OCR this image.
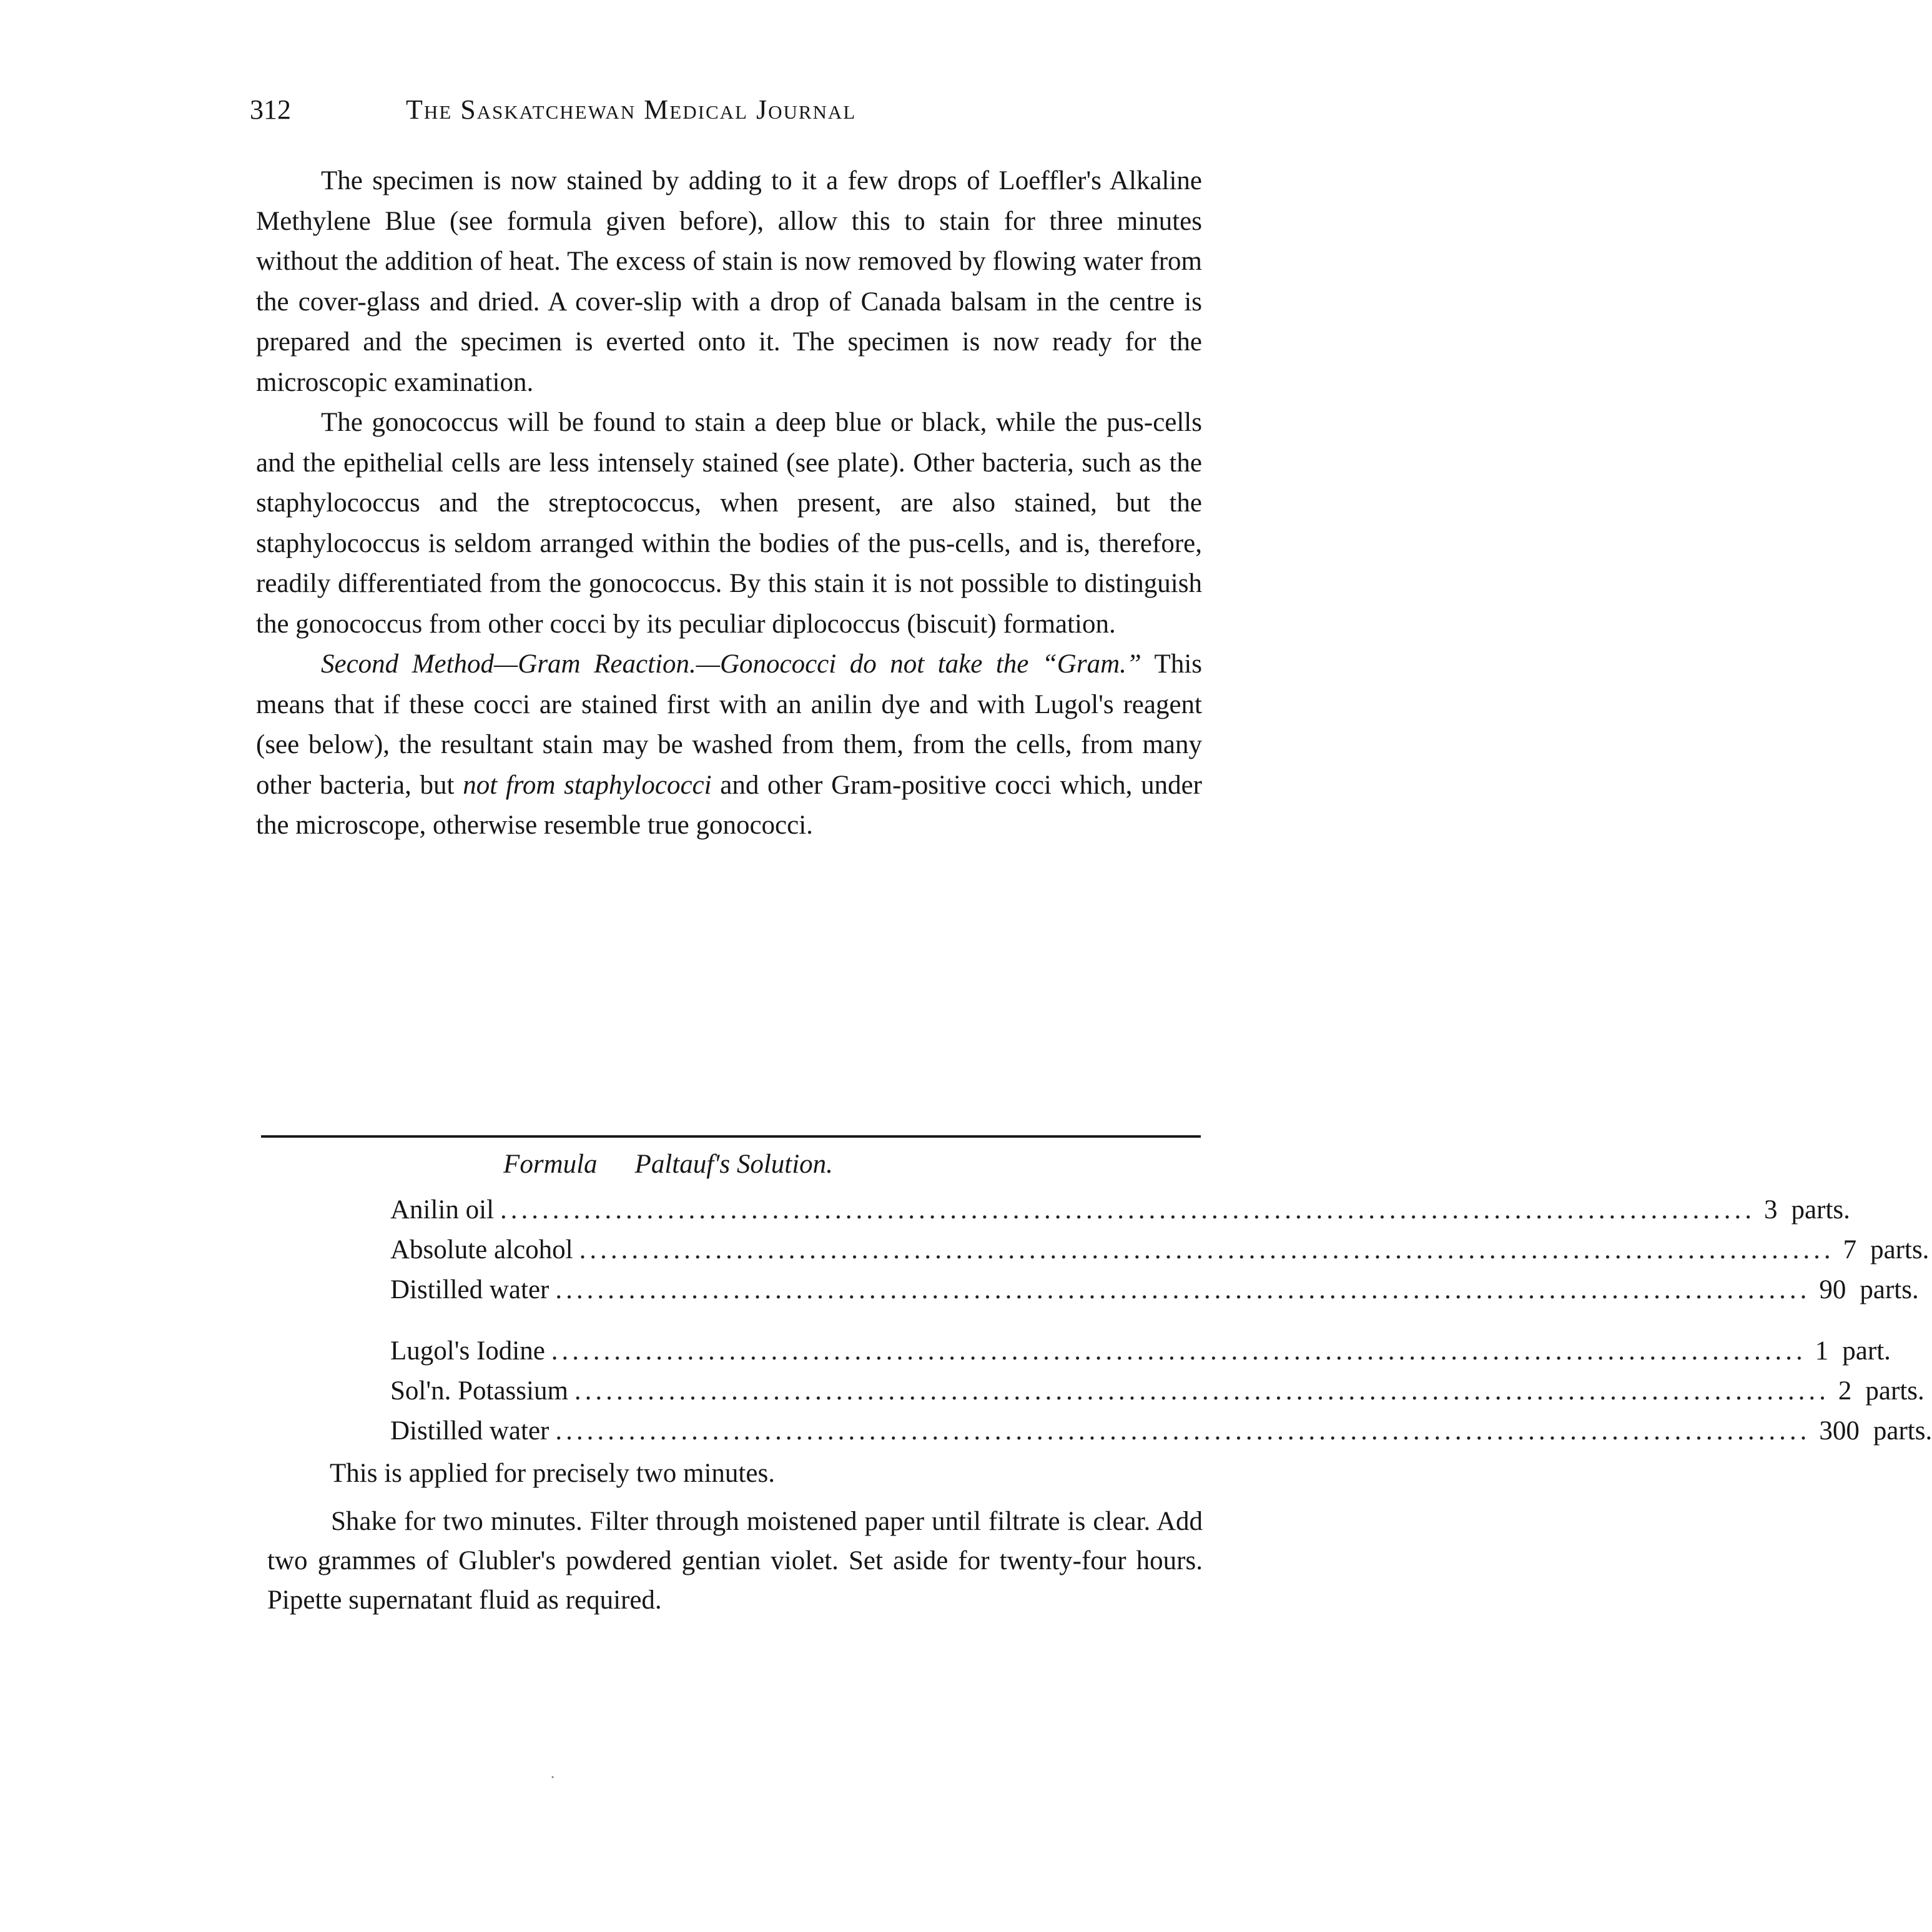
312	The Saskatchewan Medical Journal

The specimen is now stained by adding to it a few drops of Loeffler's Alkaline Methylene Blue (see formula given before), allow this to stain for three minutes without the addition of heat. The excess of stain is now removed by flowing water from the cover-glass and dried. A cover-slip with a drop of Canada balsam in the centre is prepared and the specimen is everted onto it. The specimen is now ready for the microscopic examination.

The gonococcus will be found to stain a deep blue or black, while the pus-cells and the epithelial cells are less intensely stained (see plate). Other bacteria, such as the staphylococcus and the streptococcus, when present, are also stained, but the staphylococcus is seldom arranged within the bodies of the pus-cells, and is, therefore, readily differentiated from the gonococcus. By this stain it is not possible to distinguish the gonococcus from other cocci by its peculiar diplococcus (biscuit) formation.

Second Method—Gram Reaction.—Gonococci do not take the “Gram.” This means that if these cocci are stained first with an anilin dye and with Lugol's reagent (see below), the resultant stain may be washed from them, from the cells, from many other bacteria, but not from staphylococci and other Gram-positive cocci which, under the microscope, otherwise resemble true gonococci.

Formula Paltauf's Solution.
Anilin oil ........................................................................................................................ 3 parts.
Absolute alcohol ........................................................................................................................ 7 parts.
Distilled water ........................................................................................................................ 90 parts.
Lugol's Iodine ........................................................................................................................ 1 part.
Sol'n. Potassium ........................................................................................................................ 2 parts.
Distilled water ........................................................................................................................ 300 parts.
This is applied for precisely two minutes.

Shake for two minutes. Filter through moistened paper until filtrate is clear. Add two grammes of Glubler's powdered gentian violet. Set aside for twenty-four hours. Pipette supernatant fluid as required.

˙
